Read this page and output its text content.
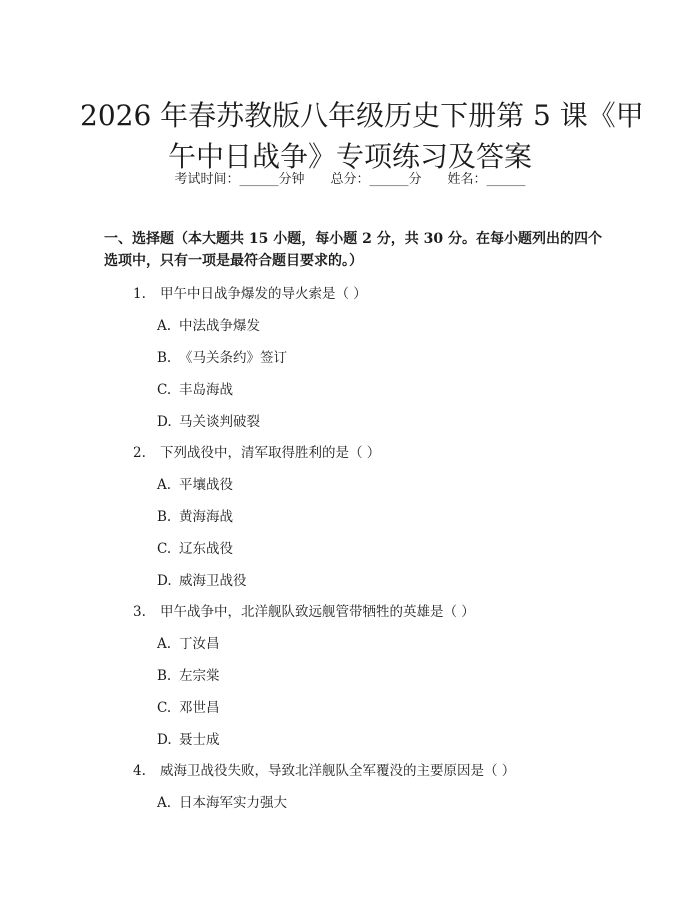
2026 年春苏教版八年级历史下册第 5 课《甲
午中日战争》专项练习及答案
考试时间：______分钟 总分：______分 姓名：______

一、选择题（本大题共 15 小题，每小题 2 分，共 30 分。在每小题列出的四个选项中，只有一项是最符合题目要求的。）

1. 甲午中日战争爆发的导火索是（ ）
A. 中法战争爆发
B. 《马关条约》签订
C. 丰岛海战
D. 马关谈判破裂
2. 下列战役中，清军取得胜利的是（ ）
A. 平壤战役
B. 黄海海战
C. 辽东战役
D. 威海卫战役
3. 甲午战争中，北洋舰队致远舰管带牺牲的英雄是（ ）
A. 丁汝昌
B. 左宗棠
C. 邓世昌
D. 聂士成
4. 威海卫战役失败，导致北洋舰队全军覆没的主要原因是（ ）
A. 日本海军实力强大
